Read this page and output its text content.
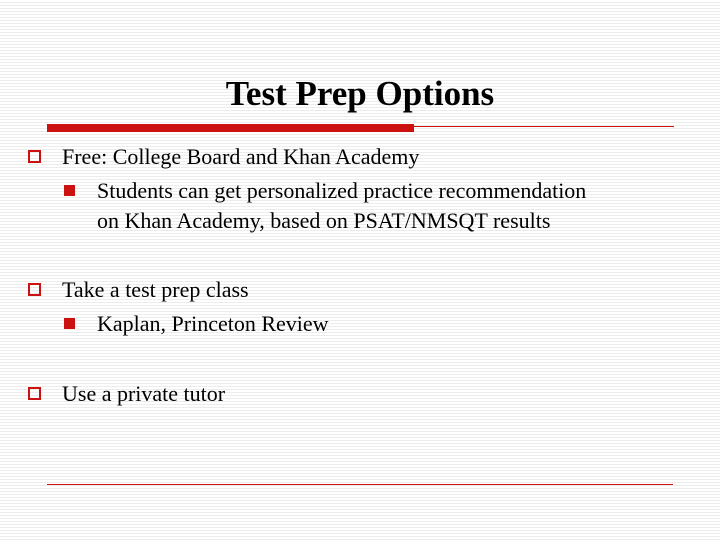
Test Prep Options
Free: College Board and Khan Academy
Students can get personalized practice recommendation
on Khan Academy, based on PSAT/NMSQT results
Take a test prep class
Kaplan, Princeton Review
Use a private tutor
